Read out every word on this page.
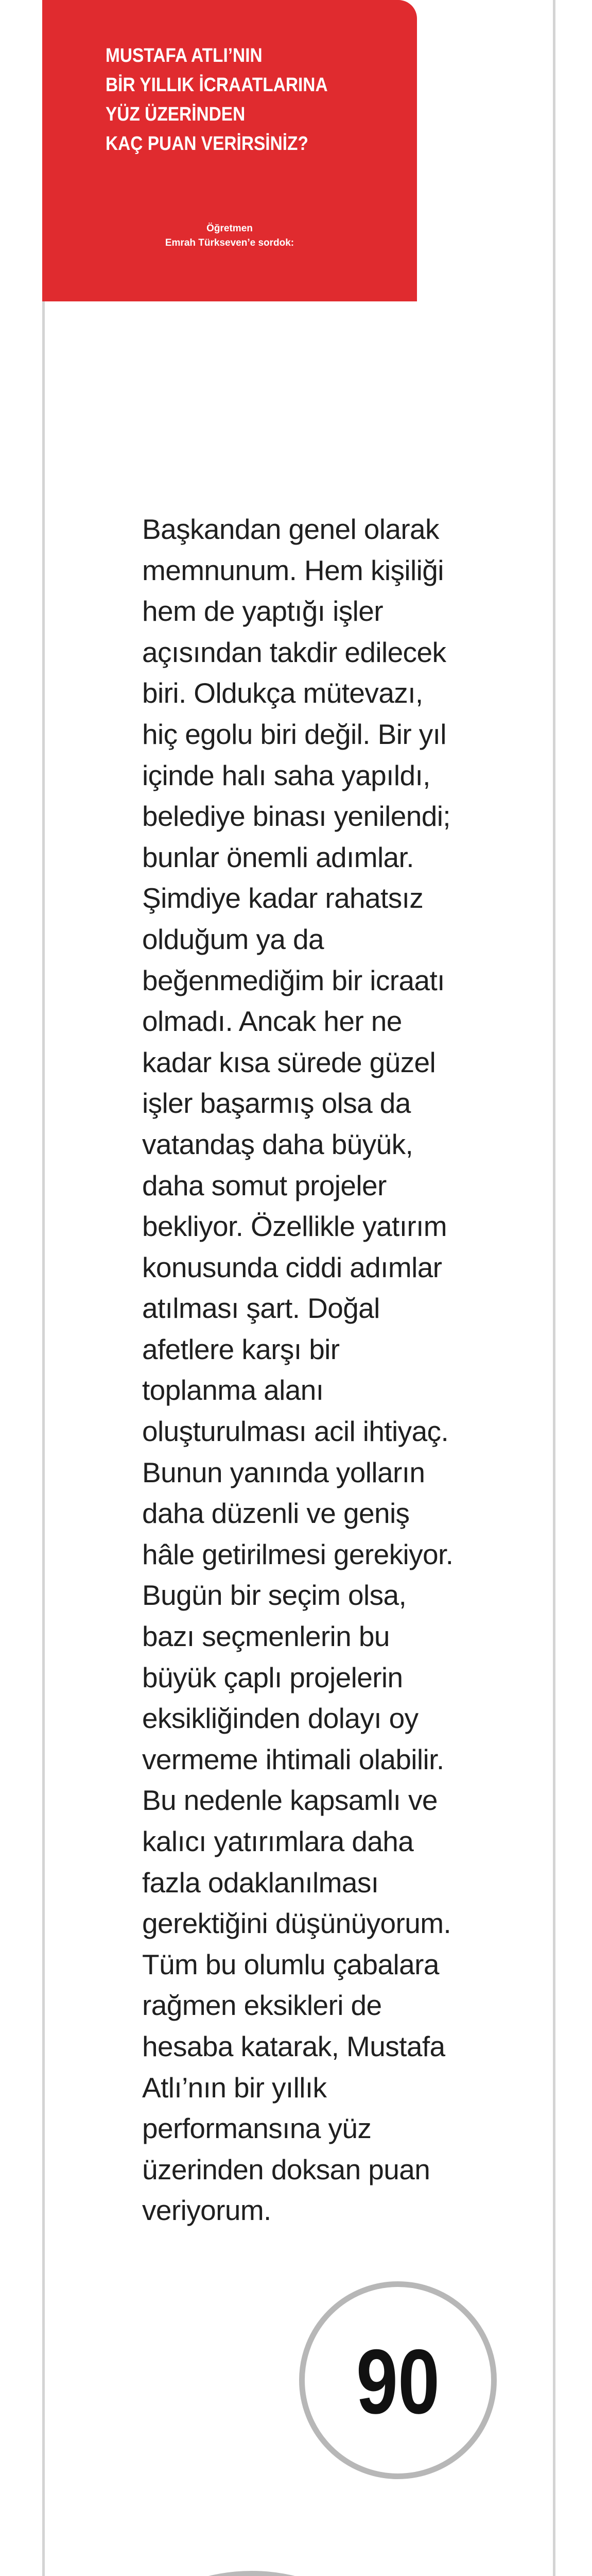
MUSTAFA ATLI’NIN
BİR YILLIK İCRAATLARINA
YÜZ ÜZERİNDEN
KAÇ PUAN VERİRSİNİZ?
Öğretmen
Emrah Türkseven’e sordok:

Başkandan genel olarak memnunum. Hem kişiliği hem de yaptığı işler açısından takdir edilecek biri. Oldukça mütevazı, hiç egolu biri değil. Bir yıl içinde halı saha yapıldı, belediye binası yenilendi; bunlar önemli adımlar. Şimdiye kadar rahatsız olduğum ya da beğenmediğim bir icraatı olmadı. Ancak her ne kadar kısa sürede güzel işler başarmış olsa da vatandaş daha büyük, daha somut projeler bekliyor. Özellikle yatırım konusunda ciddi adımlar atılması şart. Doğal afetlere karşı bir toplanma alanı oluşturulması acil ihtiyaç. Bunun yanında yolların daha düzenli ve geniş hâle getirilmesi gerekiyor. Bugün bir seçim olsa, bazı seçmenlerin bu büyük çaplı projelerin eksikliğinden dolayı oy vermeme ihtimali olabilir. Bu nedenle kapsamlı ve kalıcı yatırımlara daha fazla odaklanılması gerektiğini düşünüyorum. Tüm bu olumlu çabalara rağmen eksikleri de hesaba katarak, Mustafa Atlı’nın bir yıllık performansına yüz üzerinden doksan puan veriyorum.

90
